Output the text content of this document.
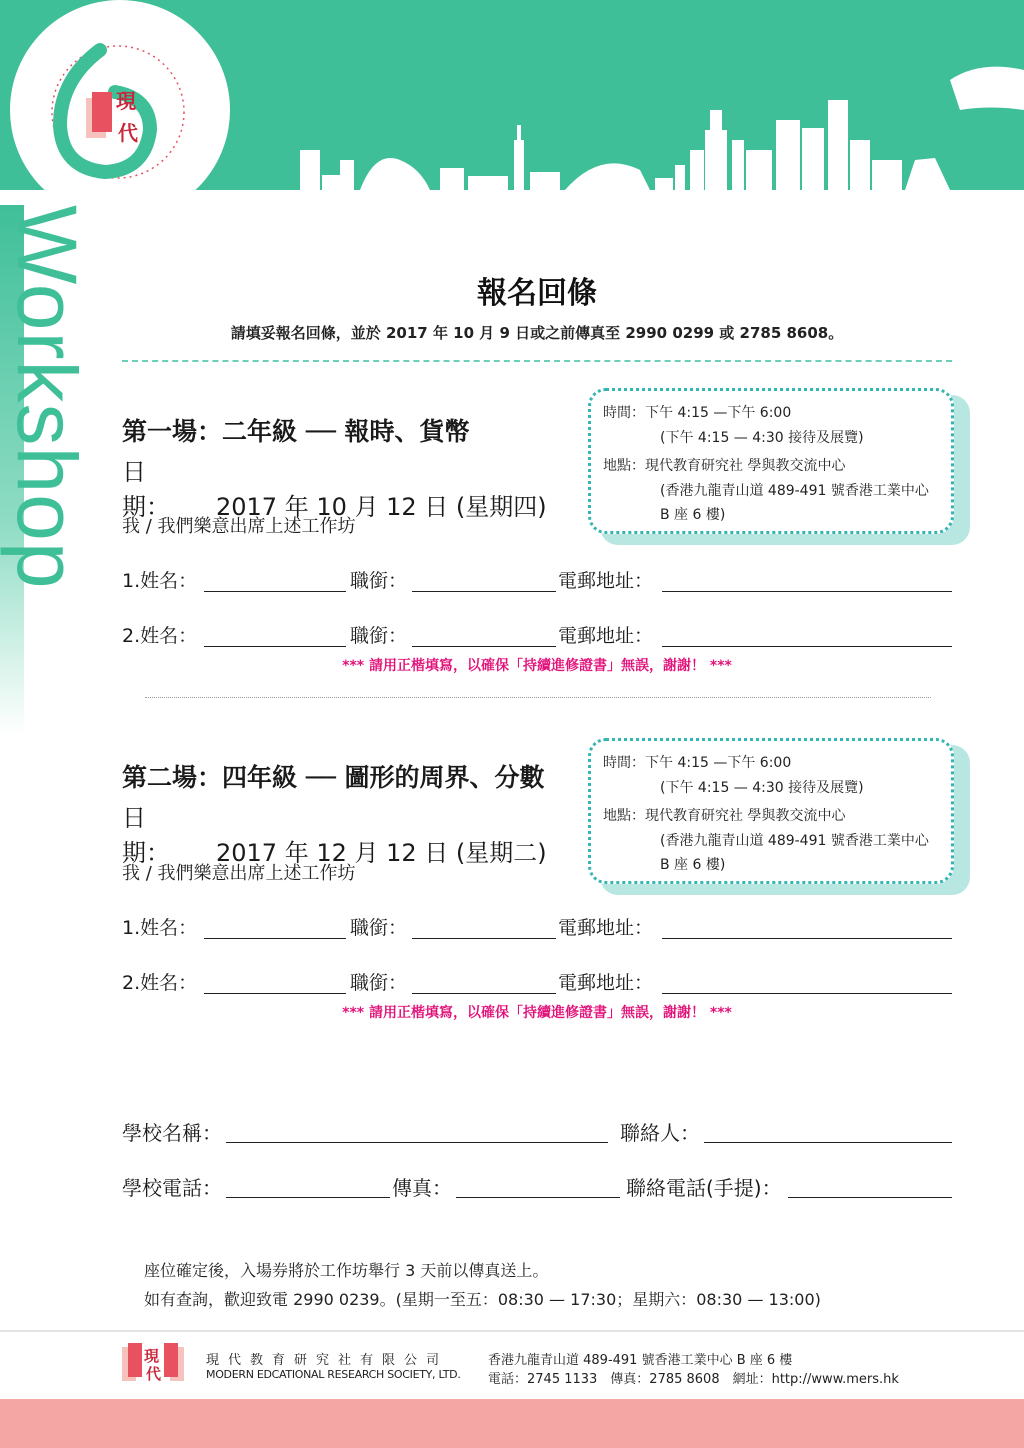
現
代
Workshop	報名回條
請填妥報名回條，並於 2017 年 10 月 9 日或之前傳真至 2990 0299 或 2785 8608。
時間：下午 4:15 —下午 6:00
(下午 4:15 — 4:30 接待及展覽)
地點：現代教育研究社 學與教交流中心
(香港九龍青山道 489-491 號香港工業中心
B 座 6 樓)
第一場：二年級 ── 報時、貨幣
日　期： 2017 年 10 月 12 日 (星期四)
我 / 我們樂意出席上述工作坊
1.姓名：	職銜：	電郵地址：
2.姓名：	職銜：	電郵地址：
*** 請用正楷填寫，以確保「持續進修證書」無誤，謝謝！ ***
時間：下午 4:15 —下午 6:00
(下午 4:15 — 4:30 接待及展覽)
地點：現代教育研究社 學與教交流中心
(香港九龍青山道 489-491 號香港工業中心
B 座 6 樓)
第二場：四年級 ── 圖形的周界、分數
日　期： 2017 年 12 月 12 日 (星期二)
我 / 我們樂意出席上述工作坊
1.姓名：	職銜：	電郵地址：
2.姓名：	職銜：	電郵地址：
*** 請用正楷填寫，以確保「持續進修證書」無誤，謝謝！ ***
學校名稱：	聯絡人：
學校電話：	傳真：	聯絡電話(手提)：
座位確定後，入場券將於工作坊舉行 3 天前以傳真送上。
如有查詢，歡迎致電 2990 0239。(星期一至五：08:30 — 17:30；星期六：08:30 — 13:00)
現
代
現代教育研究社有限公司
MODERN EDCATIONAL RESEARCH SOCIETY, LTD.
香港九龍青山道 489-491 號香港工業中心 B 座 6 樓
電話：2745 1133　傳真：2785 8608　網址：http://www.mers.hk
